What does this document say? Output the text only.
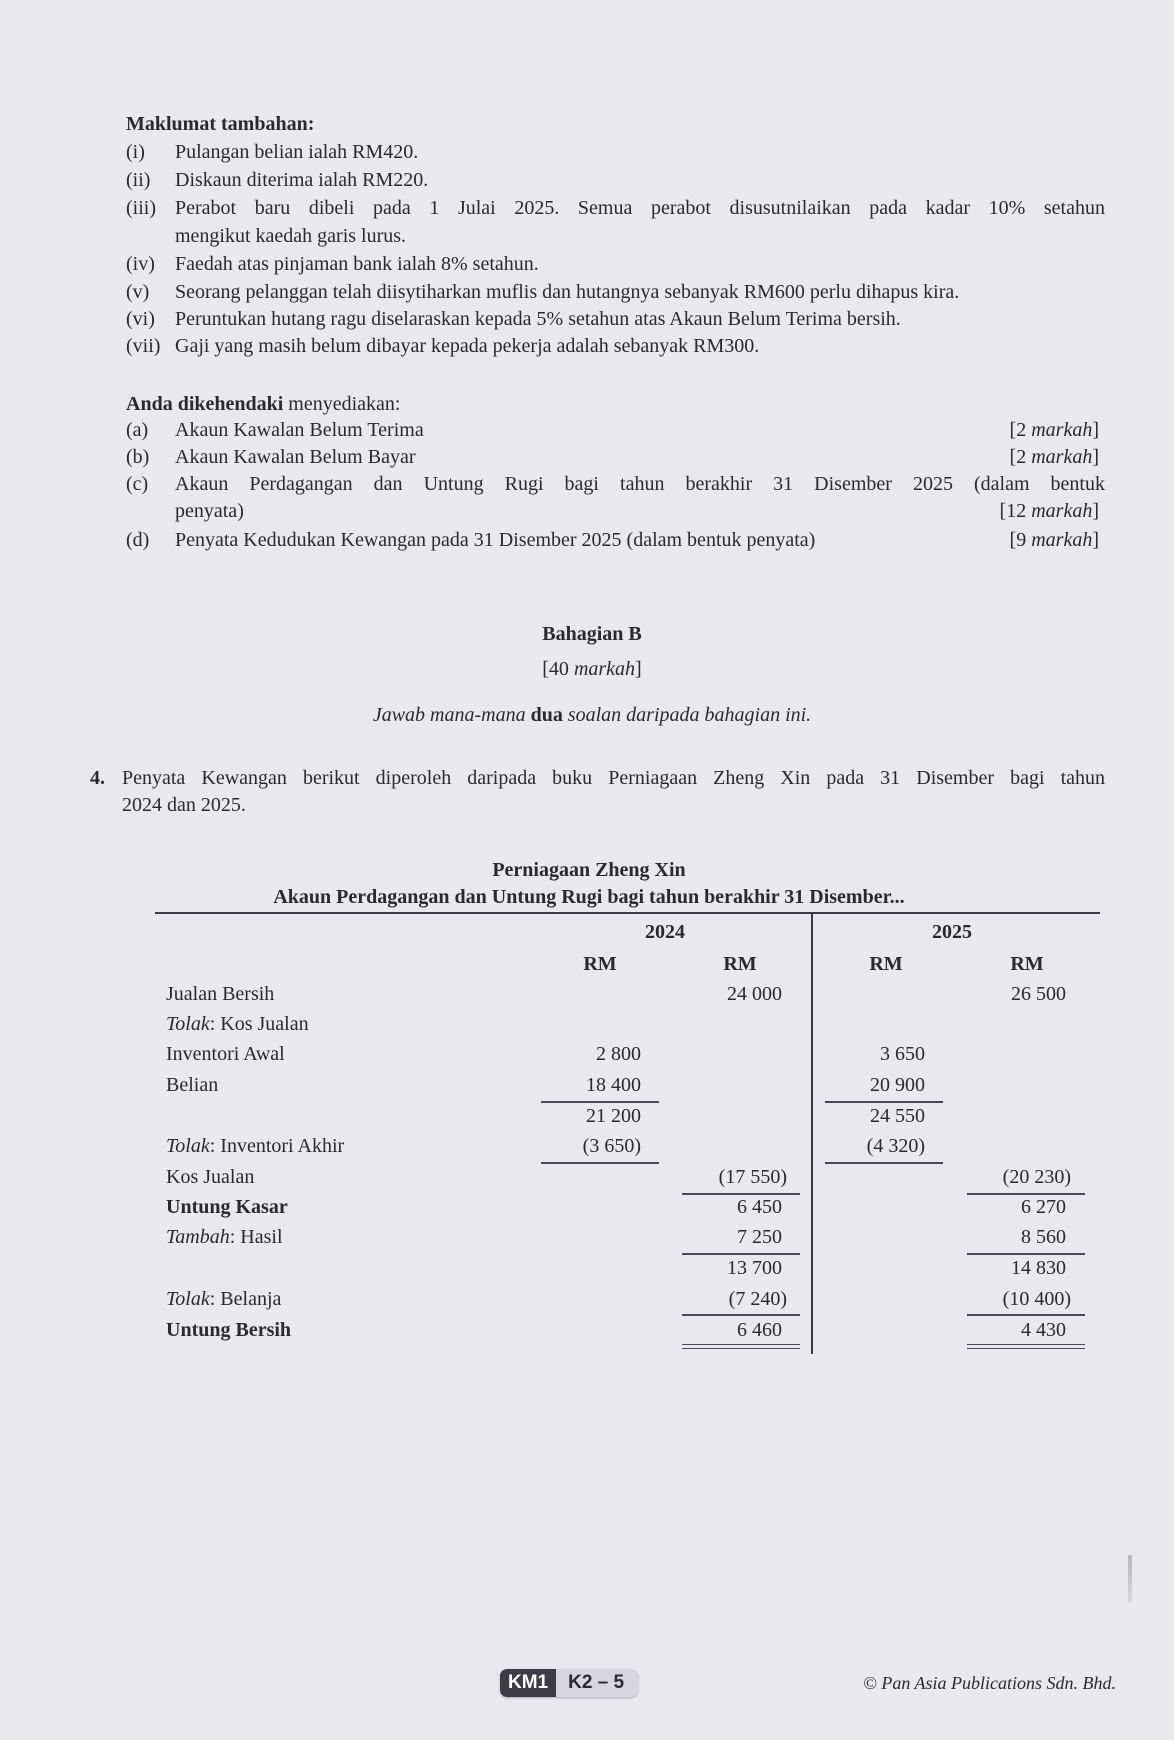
Maklumat tambahan:
(i) Pulangan belian ialah RM420.
(ii) Diskaun diterima ialah RM220.
(iii) Perabot baru dibeli pada 1 Julai 2025. Semua perabot disusutnilaikan pada kadar 10% setahun
mengikut kaedah garis lurus.
(iv) Faedah atas pinjaman bank ialah 8% setahun.
(v) Seorang pelanggan telah diisytiharkan muflis dan hutangnya sebanyak RM600 perlu dihapus kira.
(vi) Peruntukan hutang ragu diselaraskan kepada 5% setahun atas Akaun Belum Terima bersih.
(vii) Gaji yang masih belum dibayar kepada pekerja adalah sebanyak RM300.
Anda dikehendaki menyediakan:
(a) Akaun Kawalan Belum Terima	[2 markah]
(b) Akaun Kawalan Belum Bayar	[2 markah]
(c) Akaun Perdagangan dan Untung Rugi bagi tahun berakhir 31 Disember 2025 (dalam bentuk
penyata)	[12 markah]
(d) Penyata Kedudukan Kewangan pada 31 Disember 2025 (dalam bentuk penyata)	[9 markah]
Bahagian B
[40 markah]
Jawab mana-mana dua soalan daripada bahagian ini.
4. Penyata Kewangan berikut diperoleh daripada buku Perniagaan Zheng Xin pada 31 Disember bagi tahun
2024 dan 2025.
Perniagaan Zheng Xin
Akaun Perdagangan dan Untung Rugi bagi tahun berakhir 31 Disember...
2024	2025
RM	RM	RM	RM
Jualan Bersih	24 000	26 500
Tolak: Kos Jualan
Inventori Awal	2 800	3 650
Belian	18 400	20 900
21 200	24 550
Tolak: Inventori Akhir	(3 650)	(4 320)
Kos Jualan	(17 550)	(20 230)
Untung Kasar	6 450	6 270
Tambah: Hasil	7 250	8 560
13 700	14 830
Tolak: Belanja	(7 240)	(10 400)
Untung Bersih	6 460	4 430
KM1	K2 – 5	© Pan Asia Publications Sdn. Bhd.
